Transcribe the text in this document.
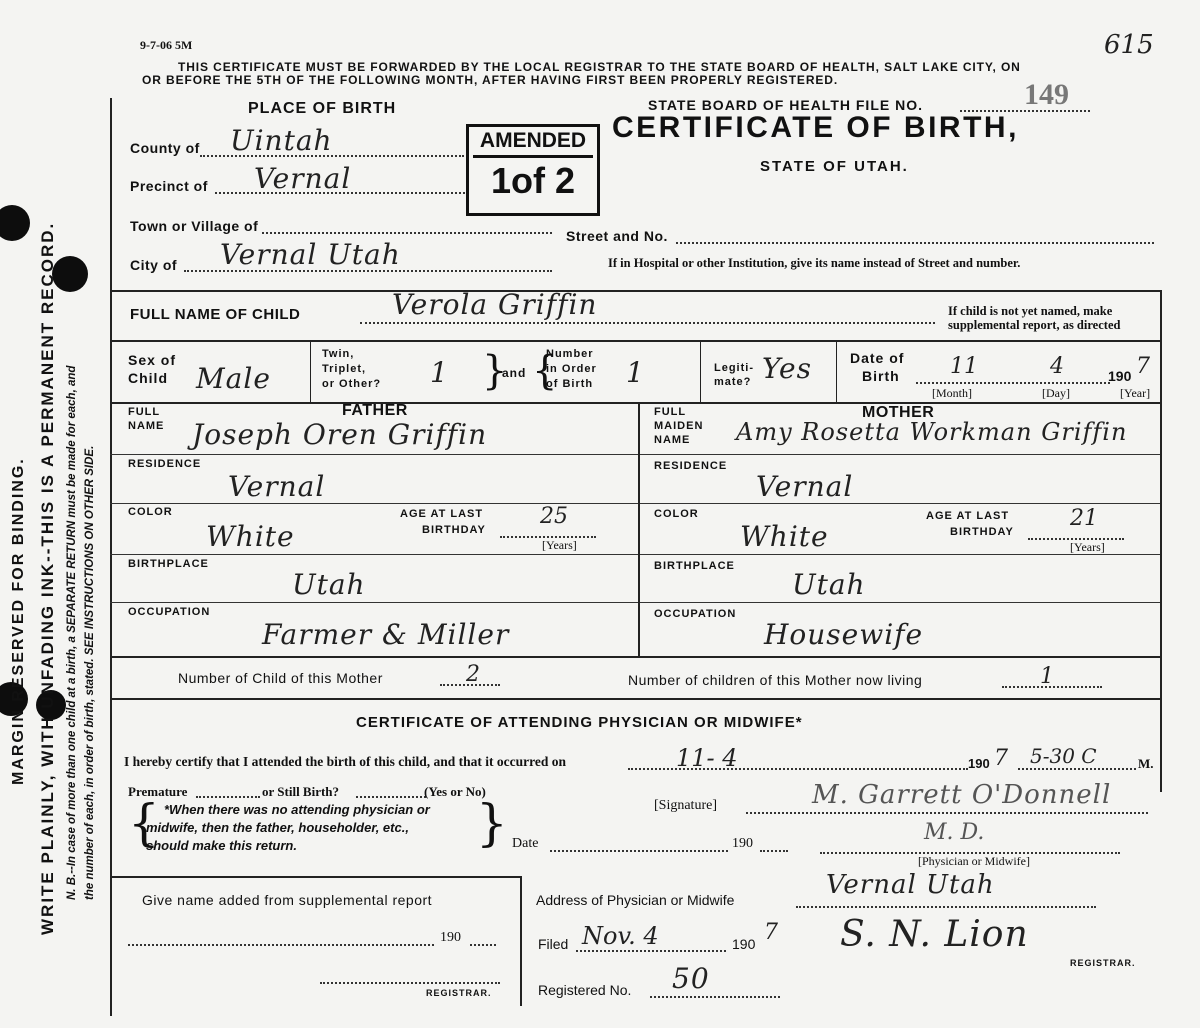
9-7-06 5M	615
THIS CERTIFICATE MUST BE FORWARDED BY THE LOCAL REGISTRAR TO THE STATE BOARD OF HEALTH, SALT LAKE CITY, ON
OR BEFORE THE 5TH OF THE FOLLOWING MONTH, AFTER HAVING FIRST BEEN PROPERLY REGISTERED.
MARGIN RESERVED FOR BINDING. WRITE PLAINLY, WITH UNFADING INK--THIS IS A PERMANENT RECORD. N. B.--In case of more than one child at a birth, a SEPARATE RETURN must be made for each, and the number of each, in order of birth, stated. SEE INSTRUCTIONS ON OTHER SIDE.
PLACE OF BIRTH	STATE BOARD OF HEALTH FILE NO.	149
CERTIFICATE OF BIRTH,
STATE OF UTAH.
AMENDED
1of 2
County of Uintah
Precinct of Vernal
Town or Village of
Street and No.
City of Vernal Utah	If in Hospital or other Institution, give its name instead of Street and number.
FULL NAME OF CHILD	Verola Griffin	If child is not yet named, make
supplemental report, as directed
Sex of
Child Male
Twin,
Triplet,
or Other? 1 }
and {
Number
in Order
of Birth 1	Legiti-
mate? Yes	Date of
Birth 11	4	190 7
[Month]	[Day]	[Year]
FATHER
FULL
NAME Joseph Oren Griffin
RESIDENCE
Vernal
COLOR
White
AGE AT LAST
BIRTHDAY
25
[Years]
BIRTHPLACE
Utah
OCCUPATION
Farmer & Miller
MOTHER
FULL
MAIDEN
NAME Amy Rosetta Workman Griffin
RESIDENCE
Vernal
COLOR
White
AGE AT LAST
BIRTHDAY
21
[Years]
BIRTHPLACE
Utah
OCCUPATION
Housewife
Number of Child of this Mother	2	Number of children of this Mother now living	1
CERTIFICATE OF ATTENDING PHYSICIAN OR MIDWIFE*
I hereby certify that I attended the birth of this child, and that it occurred on	11- 4	190 7 5-30 C	M.
Premature	or Still Birth?	(Yes or No)
{ *When there was no attending physician or
midwife, then the father, householder, etc.,
should make this return.	}	[Signature]	M. Garrett O'Donnell
M. D.
[Physician or Midwife]
Date	190
Give name added from supplemental report
190
REGISTRAR.
Address of Physician or Midwife	Vernal Utah
Filed Nov. 4	190 7 S. N. Lion
REGISTRAR.
Registered No. 50
